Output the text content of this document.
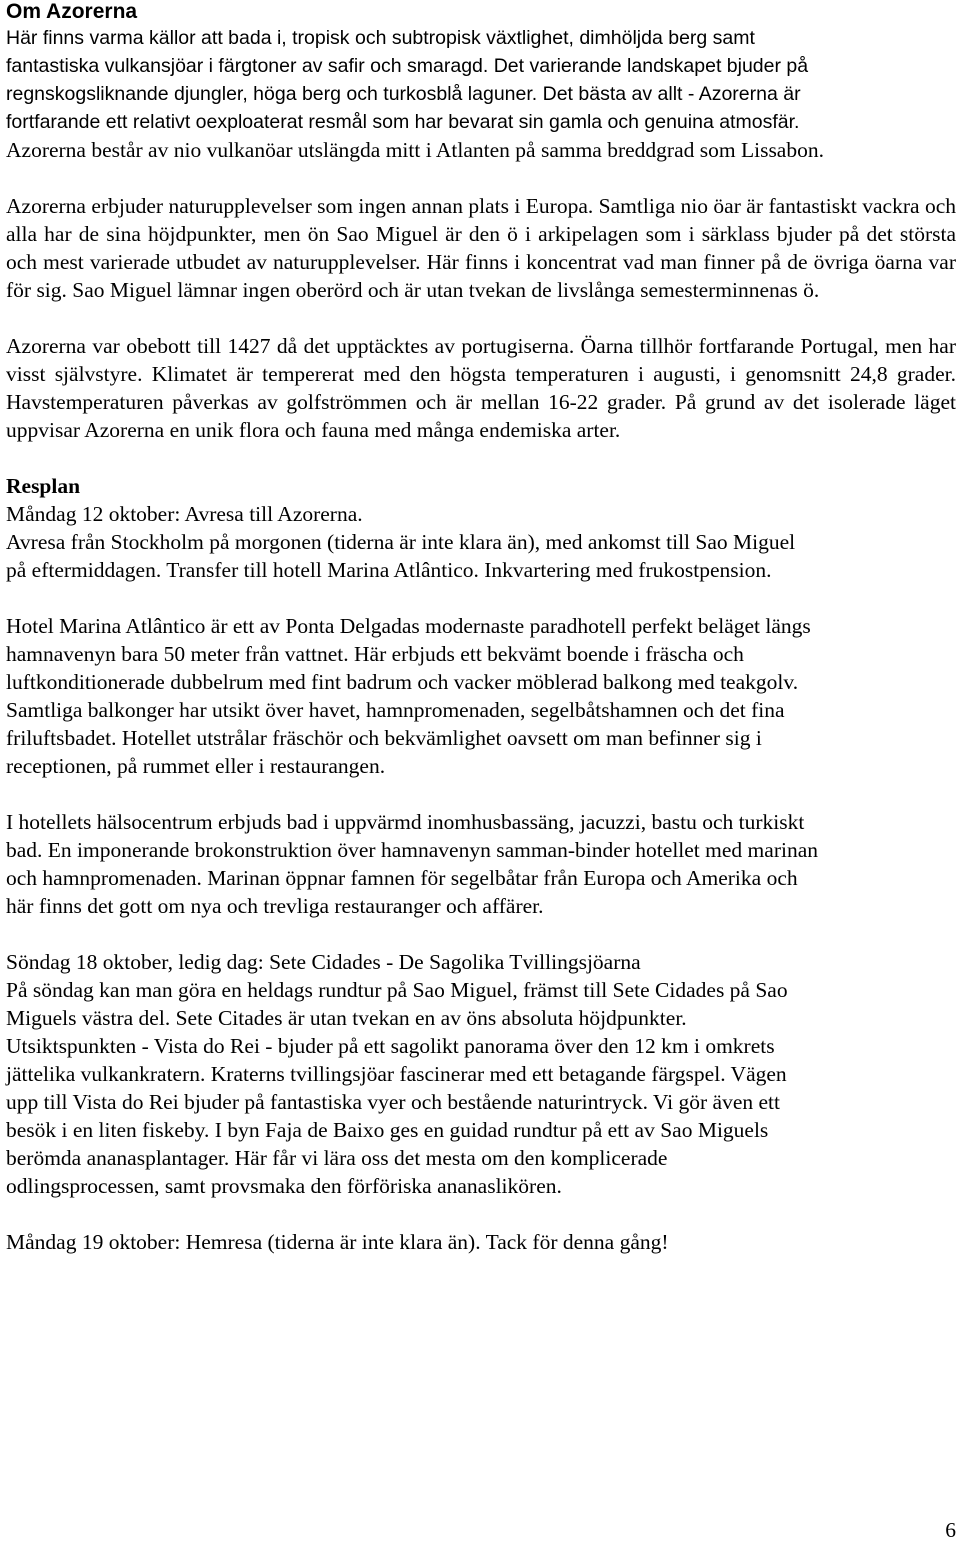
Om Azorerna

Här finns varma källor att bada i, tropisk och subtropisk växtlighet, dimhöljda berg samt
fantastiska vulkansjöar i färgtoner av safir och smaragd. Det varierande landskapet bjuder på
regnskogsliknande djungler, höga berg och turkosblå laguner. Det bästa av allt - Azorerna är
fortfarande ett relativt oexploaterat resmål som har bevarat sin gamla och genuina atmosfär.

Azorerna består av nio vulkanöar utslängda mitt i Atlanten på samma breddgrad som Lissabon.

Azorerna erbjuder naturupplevelser som ingen annan plats i Europa. Samtliga nio öar är fantastiskt vackra och alla har de sina höjdpunkter, men ön Sao Miguel är den ö i arkipelagen som i särklass bjuder på det största och mest varierade utbudet av naturupplevelser. Här finns i koncentrat vad man finner på de övriga öarna var för sig. Sao Miguel lämnar ingen oberörd och är utan tvekan de livslånga semesterminnenas ö.

Azorerna var obebott till 1427 då det upptäcktes av portugiserna. Öarna tillhör fortfarande Portugal, men har visst självstyre. Klimatet är tempererat med den högsta temperaturen i augusti, i genomsnitt 24,8 grader. Havstemperaturen påverkas av golfströmmen och är mellan 16-22 grader. På grund av det isolerade läget uppvisar Azorerna en unik flora och fauna med många endemiska arter.

Resplan

Måndag 12 oktober: Avresa till Azorerna.
Avresa från Stockholm på morgonen (tiderna är inte klara än), med ankomst till Sao Miguel
på eftermiddagen. Transfer till hotell Marina Atlântico. Inkvartering med frukostpension.
Hotel Marina Atlântico är ett av Ponta Delgadas modernaste paradhotell perfekt beläget längs
hamnavenyn bara 50 meter från vattnet. Här erbjuds ett bekvämt boende i fräscha och
luftkonditionerade dubbelrum med fint badrum och vacker möblerad balkong med teakgolv.
Samtliga balkonger har utsikt över havet, hamnpromenaden, segelbåtshamnen och det fina
friluftsbadet. Hotellet utstrålar fräschör och bekvämlighet oavsett om man befinner sig i
receptionen, på rummet eller i restaurangen.
I hotellets hälsocentrum erbjuds bad i uppvärmd inomhusbassäng, jacuzzi, bastu och turkiskt
bad. En imponerande brokonstruktion över hamnavenyn samman-binder hotellet med marinan
och hamnpromenaden. Marinan öppnar famnen för segelbåtar från Europa och Amerika och
här finns det gott om nya och trevliga restauranger och affärer.
Söndag 18 oktober, ledig dag: Sete Cidades - De Sagolika Tvillingsjöarna
På söndag kan man göra en heldags rundtur på Sao Miguel, främst till Sete Cidades på Sao
Miguels västra del. Sete Citades är utan tvekan en av öns absoluta höjdpunkter.
Utsiktspunkten - Vista do Rei - bjuder på ett sagolikt panorama över den 12 km i omkrets
jättelika vulkankratern. Kraterns tvillingsjöar fascinerar med ett betagande färgspel. Vägen
upp till Vista do Rei bjuder på fantastiska vyer och bestående naturintryck. Vi gör även ett
besök i en liten fiskeby. I byn Faja de Baixo ges en guidad rundtur på ett av Sao Miguels
berömda ananasplantager. Här får vi lära oss det mesta om den komplicerade
odlingsprocessen, samt provsmaka den förföriska ananaslikören.
Måndag 19 oktober: Hemresa (tiderna är inte klara än). Tack för denna gång!
6
